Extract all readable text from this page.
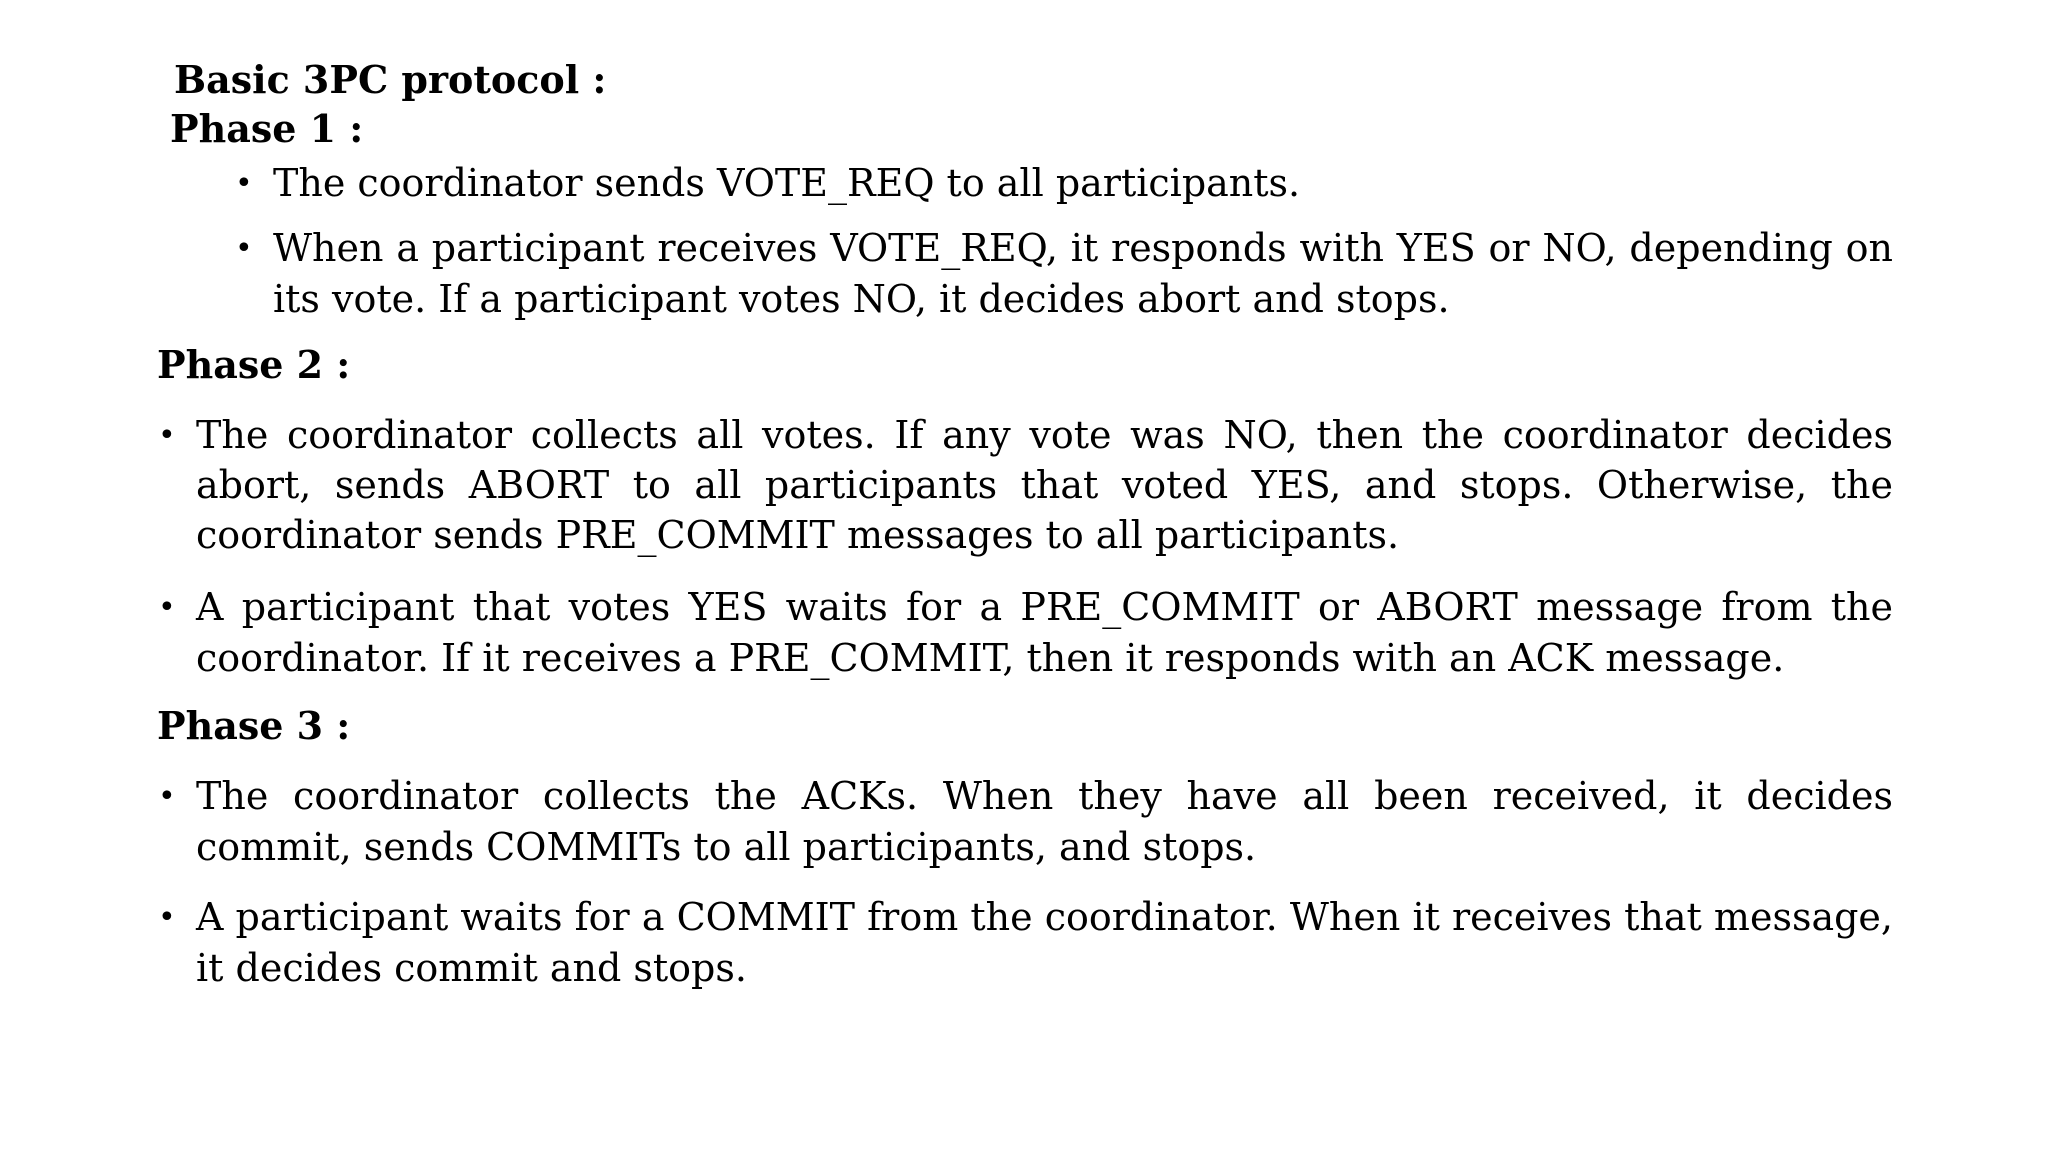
Basic 3PC protocol :
Phase 1 :
• The coordinator sends VOTE_REQ to all participants.
• When a participant receives VOTE_REQ, it responds with YES or NO, depending on its vote. If a participant votes NO, it decides abort and stops.
Phase 2 :
• The coordinator collects all votes. If any vote was NO, then the coordinator decides abort, sends ABORT to all participants that voted YES, and stops. Otherwise, the coordinator sends PRE_COMMIT messages to all participants.
• A participant that votes YES waits for a PRE_COMMIT or ABORT message from the coordinator. If it receives a PRE_COMMIT, then it responds with an ACK message.
Phase 3 :
• The coordinator collects the ACKs. When they have all been received, it decides commit, sends COMMITs to all participants, and stops.
• A participant waits for a COMMIT from the coordinator. When it receives that message, it decides commit and stops.
